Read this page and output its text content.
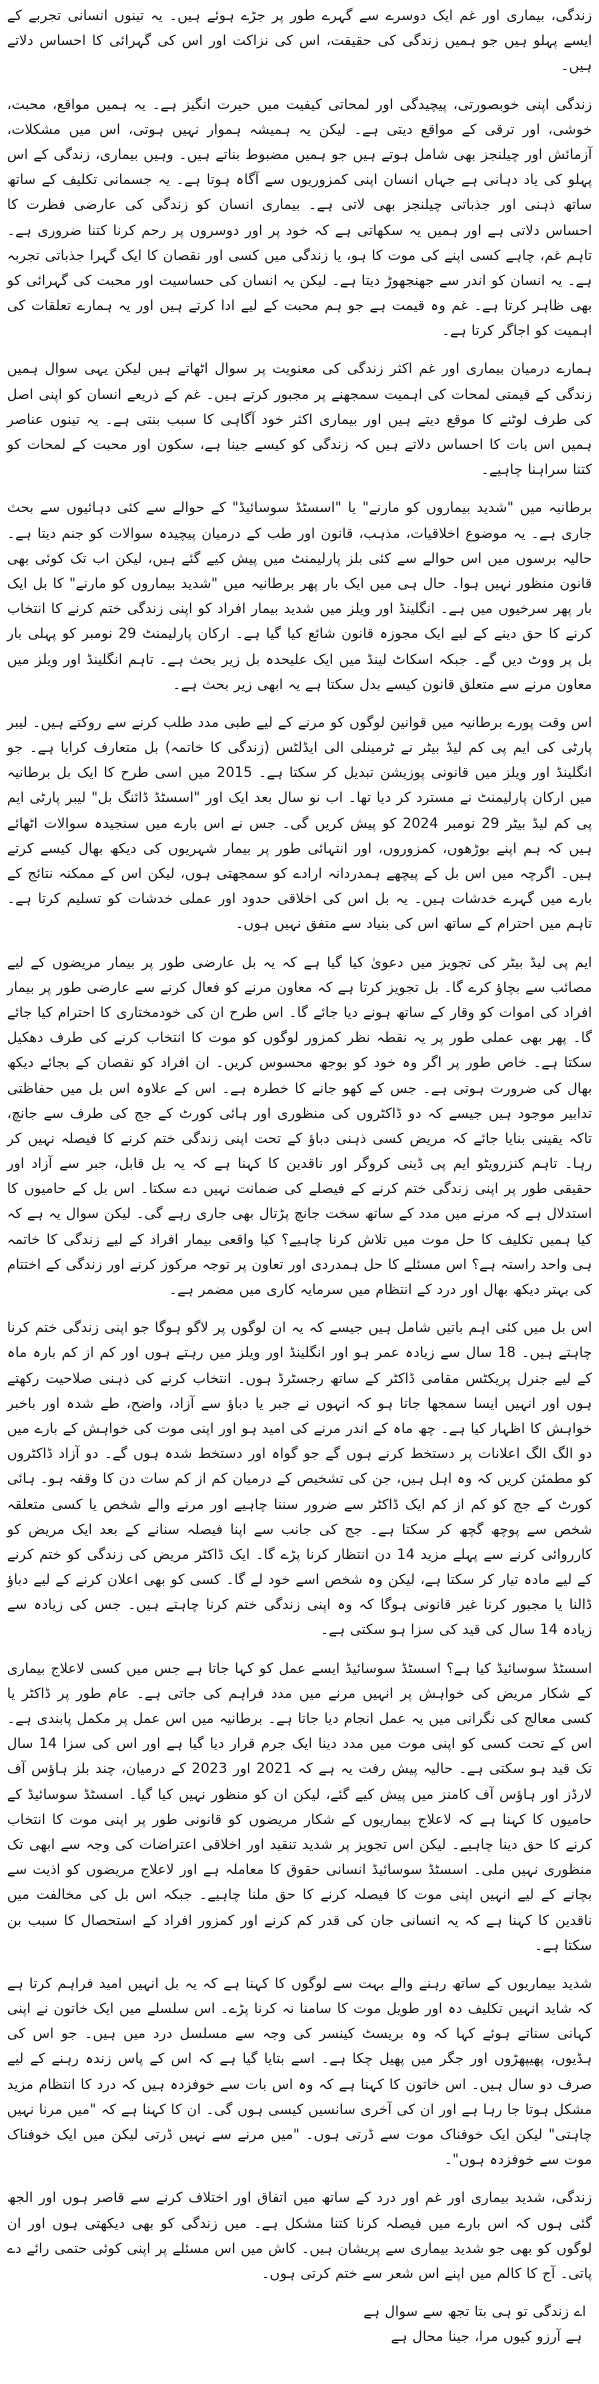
زندگی، بیماری اور غم ایک دوسرے سے گہرے طور پر جڑے ہوئے ہیں۔ یہ تینوں انسانی تجربے کے ایسے پہلو ہیں جو ہمیں زندگی کی حقیقت، اس کی نزاکت اور اس کی گہرائی کا احساس دلاتے ہیں۔

زندگی اپنی خوبصورتی، پیچیدگی اور لمحاتی کیفیت میں حیرت انگیز ہے۔ یہ ہمیں مواقع، محبت، خوشی، اور ترقی کے مواقع دیتی ہے۔ لیکن یہ ہمیشہ ہموار نہیں ہوتی، اس میں مشکلات، آزمائش اور چیلنجز بھی شامل ہوتے ہیں جو ہمیں مضبوط بناتے ہیں۔ وہیں بیماری، زندگی کے اس پہلو کی یاد دہانی ہے جہاں انسان اپنی کمزوریوں سے آگاہ ہوتا ہے۔ یہ جسمانی تکلیف کے ساتھ ساتھ ذہنی اور جذباتی چیلنجز بھی لاتی ہے۔ بیماری انسان کو زندگی کی عارضی فطرت کا احساس دلاتی ہے اور ہمیں یہ سکھاتی ہے کہ خود پر اور دوسروں پر رحم کرنا کتنا ضروری ہے۔ تاہم غم، چاہے کسی اپنے کی موت کا ہو، یا زندگی میں کسی اور نقصان کا ایک گہرا جذباتی تجربہ ہے۔ یہ انسان کو اندر سے جھنجھوڑ دیتا ہے۔ لیکن یہ انسان کی حساسیت اور محبت کی گہرائی کو بھی ظاہر کرتا ہے۔ غم وہ قیمت ہے جو ہم محبت کے لیے ادا کرتے ہیں اور یہ ہمارے تعلقات کی اہمیت کو اجاگر کرتا ہے۔

ہمارے درمیان بیماری اور غم اکثر زندگی کی معنویت پر سوال اٹھاتے ہیں لیکن یہی سوال ہمیں زندگی کے قیمتی لمحات کی اہمیت سمجھنے پر مجبور کرتے ہیں۔ غم کے ذریعے انسان کو اپنی اصل کی طرف لوٹنے کا موقع دیتے ہیں اور بیماری اکثر خود آگاہی کا سبب بنتی ہے۔ یہ تینوں عناصر ہمیں اس بات کا احساس دلاتے ہیں کہ زندگی کو کیسے جینا ہے، سکون اور محبت کے لمحات کو کتنا سراہنا چاہیے۔

برطانیہ میں "شدید بیماروں کو مارنے" یا "اسسٹڈ سوسائیڈ" کے حوالے سے کئی دہائیوں سے بحث جاری ہے۔ یہ موضوع اخلاقیات، مذہب، قانون اور طب کے درمیان پیچیدہ سوالات کو جنم دیتا ہے۔ حالیہ برسوں میں اس حوالے سے کئی بلز پارلیمنٹ میں پیش کیے گئے ہیں، لیکن اب تک کوئی بھی قانون منظور نہیں ہوا۔ حال ہی میں ایک بار پھر برطانیہ میں "شدید بیماروں کو مارنے" کا بل ایک بار پھر سرخیوں میں ہے۔ انگلینڈ اور ویلز میں شدید بیمار افراد کو اپنی زندگی ختم کرنے کا انتخاب کرنے کا حق دینے کے لیے ایک مجوزہ قانون شائع کیا گیا ہے۔ ارکان پارلیمنٹ 29 نومبر کو پہلی بار بل پر ووٹ دیں گے۔ جبکہ اسکاٹ لینڈ میں ایک علیحدہ بل زیر بحث ہے۔ تاہم انگلینڈ اور ویلز میں معاون مرنے سے متعلق قانون کیسے بدل سکتا ہے یہ ابھی زیر بحث ہے۔

اس وقت پورے برطانیہ میں قوانین لوگوں کو مرنے کے لیے طبی مدد طلب کرنے سے روکتے ہیں۔ لیبر پارٹی کی ایم پی کم لیڈ بیٹر نے ٹرمینلی الی ایڈلٹس (زندگی کا خاتمہ) بل متعارف کرایا ہے۔ جو انگلینڈ اور ویلز میں قانونی پوزیشن تبدیل کر سکتا ہے۔ 2015 میں اسی طرح کا ایک بل برطانیہ میں ارکان پارلیمنٹ نے مسترد کر دیا تھا۔ اب نو سال بعد ایک اور "اسسٹڈ ڈائنگ بل" لیبر پارٹی ایم پی کم لیڈ بیٹر 29 نومبر 2024 کو پیش کریں گی۔ جس نے اس بارے میں سنجیدہ سوالات اٹھائے ہیں کہ ہم اپنے بوڑھوں، کمزوروں، اور انتہائی طور پر بیمار شہریوں کی دیکھ بھال کیسے کرتے ہیں۔ اگرچہ میں اس بل کے پیچھے ہمدردانہ ارادے کو سمجھتی ہوں، لیکن اس کے ممکنہ نتائج کے بارے میں گہرے خدشات ہیں۔ یہ بل اس کی اخلاقی حدود اور عملی خدشات کو تسلیم کرتا ہے۔ تاہم میں احترام کے ساتھ اس کی بنیاد سے متفق نہیں ہوں۔

ایم پی لیڈ بیٹر کی تجویز میں دعویٰ کیا گیا ہے کہ یہ بل عارضی طور پر بیمار مریضوں کے لیے مصائب سے بچاؤ کرے گا۔ بل تجویز کرتا ہے کہ معاون مرنے کو فعال کرنے سے عارضی طور پر بیمار افراد کی اموات کو وقار کے ساتھ ہونے دیا جائے گا۔ اس طرح ان کی خودمختاری کا احترام کیا جائے گا۔ پھر بھی عملی طور پر یہ نقطہ نظر کمزور لوگوں کو موت کا انتخاب کرنے کی طرف دھکیل سکتا ہے۔ خاص طور پر اگر وہ خود کو بوجھ محسوس کریں۔ ان افراد کو نقصان کے بجائے دیکھ بھال کی ضرورت ہوتی ہے۔ جس کے کھو جانے کا خطرہ ہے۔ اس کے علاوہ اس بل میں حفاظتی تدابیر موجود ہیں جیسے کہ دو ڈاکٹروں کی منظوری اور ہائی کورٹ کے جج کی طرف سے جانچ، تاکہ یقینی بنایا جائے کہ مریض کسی ذہنی دباؤ کے تحت اپنی زندگی ختم کرنے کا فیصلہ نہیں کر رہا۔ تاہم کنزرویٹو ایم پی ڈینی کروگر اور ناقدین کا کہنا ہے کہ یہ بل قابل، جبر سے آزاد اور حقیقی طور پر اپنی زندگی ختم کرنے کے فیصلے کی ضمانت نہیں دے سکتا۔ اس بل کے حامیوں کا استدلال ہے کہ مرنے میں مدد کے ساتھ سخت جانچ پڑتال بھی جاری رہے گی۔ لیکن سوال یہ ہے کہ کیا ہمیں تکلیف کا حل موت میں تلاش کرنا چاہیے؟ کیا واقعی بیمار افراد کے لیے زندگی کا خاتمہ ہی واحد راستہ ہے؟ اس مسئلے کا حل ہمدردی اور تعاون پر توجہ مرکوز کرنے اور زندگی کے اختتام کی بہتر دیکھ بھال اور درد کے انتظام میں سرمایہ کاری میں مضمر ہے۔

اس بل میں کئی اہم باتیں شامل ہیں جیسے کہ یہ ان لوگوں پر لاگو ہوگا جو اپنی زندگی ختم کرنا چاہتے ہیں۔ 18 سال سے زیادہ عمر ہو اور انگلینڈ اور ویلز میں رہتے ہوں اور کم از کم بارہ ماہ کے لیے جنرل پریکٹس مقامی ڈاکٹر کے ساتھ رجسٹرڈ ہوں۔ انتخاب کرنے کی ذہنی صلاحیت رکھتے ہوں اور انہیں ایسا سمجھا جاتا ہو کہ انہوں نے جبر یا دباؤ سے آزاد، واضح، طے شدہ اور باخبر خواہش کا اظہار کیا ہے۔ چھ ماہ کے اندر مرنے کی امید ہو اور اپنی موت کی خواہش کے بارے میں دو الگ الگ اعلانات پر دستخط کرنے ہوں گے جو گواہ اور دستخط شدہ ہوں گے۔ دو آزاد ڈاکٹروں کو مطمئن کریں کہ وہ اہل ہیں، جن کی تشخیص کے درمیان کم از کم سات دن کا وقفہ ہو۔ ہائی کورٹ کے جج کو کم از کم ایک ڈاکٹر سے ضرور سننا چاہیے اور مرنے والے شخص یا کسی متعلقہ شخص سے پوچھ گچھ کر سکتا ہے۔ جج کی جانب سے اپنا فیصلہ سنانے کے بعد ایک مریض کو کارروائی کرنے سے پہلے مزید 14 دن انتظار کرنا پڑے گا۔ ایک ڈاکٹر مریض کی زندگی کو ختم کرنے کے لیے مادہ تیار کر سکتا ہے، لیکن وہ شخص اسے خود لے گا۔ کسی کو بھی اعلان کرنے کے لیے دباؤ ڈالنا یا مجبور کرنا غیر قانونی ہوگا کہ وہ اپنی زندگی ختم کرنا چاہتے ہیں۔ جس کی زیادہ سے زیادہ 14 سال کی قید کی سزا ہو سکتی ہے۔

اسسٹڈ سوسائیڈ کیا ہے؟ اسسٹڈ سوسائیڈ ایسے عمل کو کہا جاتا ہے جس میں کسی لاعلاج بیماری کے شکار مریض کی خواہش پر انہیں مرنے میں مدد فراہم کی جاتی ہے۔ عام طور پر ڈاکٹر یا کسی معالج کی نگرانی میں یہ عمل انجام دیا جاتا ہے۔ برطانیہ میں اس عمل پر مکمل پابندی ہے۔ اس کے تحت کسی کو اپنی موت میں مدد دینا ایک جرم قرار دیا گیا ہے اور اس کی سزا 14 سال تک قید ہو سکتی ہے۔ حالیہ پیش رفت یہ ہے کہ 2021 اور 2023 کے درمیان، چند بلز ہاؤس آف لارڈز اور ہاؤس آف کامنز میں پیش کیے گئے، لیکن ان کو منظور نہیں کیا گیا۔ اسسٹڈ سوسائیڈ کے حامیوں کا کہنا ہے کہ لاعلاج بیماریوں کے شکار مریضوں کو قانونی طور پر اپنی موت کا انتخاب کرنے کا حق دینا چاہیے۔ لیکن اس تجویز پر شدید تنقید اور اخلاقی اعتراضات کی وجہ سے ابھی تک منظوری نہیں ملی۔ اسسٹڈ سوسائیڈ انسانی حقوق کا معاملہ ہے اور لاعلاج مریضوں کو اذیت سے بچانے کے لیے انہیں اپنی موت کا فیصلہ کرنے کا حق ملنا چاہیے۔ جبکہ اس بل کی مخالفت میں ناقدین کا کہنا ہے کہ یہ انسانی جان کی قدر کم کرنے اور کمزور افراد کے استحصال کا سبب بن سکتا ہے۔

شدید بیماریوں کے ساتھ رہنے والے بہت سے لوگوں کا کہنا ہے کہ یہ بل انہیں امید فراہم کرتا ہے کہ شاید انہیں تکلیف دہ اور طویل موت کا سامنا نہ کرنا پڑے۔ اس سلسلے میں ایک خاتون نے اپنی کہانی سناتے ہوئے کہا کہ وہ بریسٹ کینسر کی وجہ سے مسلسل درد میں ہیں۔ جو اس کی ہڈیوں، پھیپھڑوں اور جگر میں پھیل چکا ہے۔ اسے بتایا گیا ہے کہ اس کے پاس زندہ رہنے کے لیے صرف دو سال ہیں۔ اس خاتون کا کہنا ہے کہ وہ اس بات سے خوفزدہ ہیں کہ درد کا انتظام مزید مشکل ہوتا جا رہا ہے اور ان کی آخری سانسیں کیسی ہوں گی۔ ان کا کہنا ہے کہ "میں مرنا نہیں چاہتی" لیکن ایک خوفناک موت سے ڈرتی ہوں۔ "میں مرنے سے نہیں ڈرتی لیکن میں ایک خوفناک موت سے خوفزدہ ہوں"۔

زندگی، شدید بیماری اور غم اور درد کے ساتھ میں اتفاق اور اختلاف کرنے سے قاصر ہوں اور الجھ گئی ہوں کہ اس بارے میں فیصلہ کرنا کتنا مشکل ہے۔ میں زندگی کو بھی دیکھتی ہوں اور ان لوگوں کو بھی جو شدید بیماری سے پریشان ہیں۔ کاش میں اس مسئلے پر اپنی کوئی حتمی رائے دے پاتی۔ آج کا کالم میں اپنے اس شعر سے ختم کرتی ہوں۔

اے زندگی تو ہی بتا تجھ سے سوال ہے

ہے آرزو کیوں مرا، جینا محال ہے
